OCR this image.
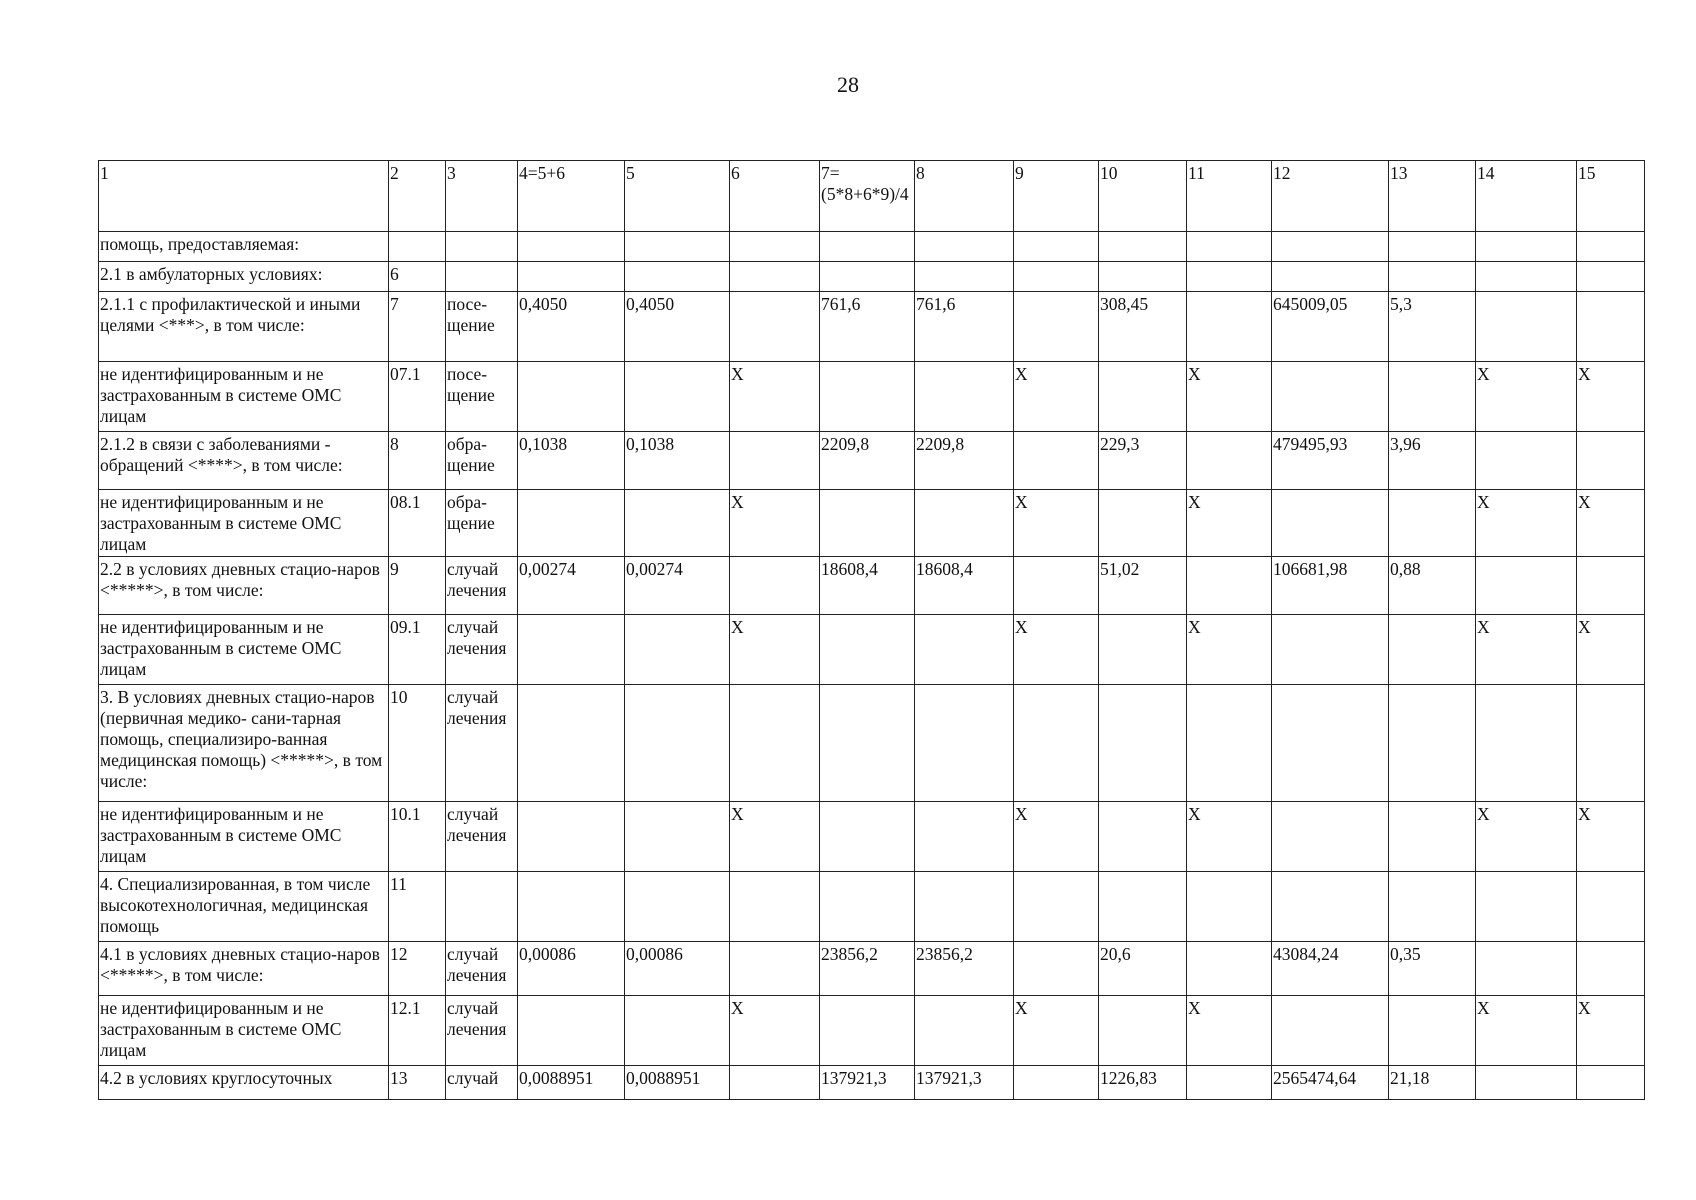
28
1	2	3	4=5+6	5	6	7=(5*8+6*9)/4	8	9	10	11	12	13	14	15
помощь, предоставляемая:														
2.1 в амбулаторных условиях:	6													
2.1.1 с профилактической и иными целями <***>, в том числе:	7	посе-щение	0,4050	0,4050		761,6	761,6		308,45		645009,05	5,3		
не идентифицированным и не застрахованным в системе ОМС лицам	07.1	посе-щение			X			X		X			X	X
2.1.2 в связи с заболеваниями - обращений <****>, в том числе:	8	обра-щение	0,1038	0,1038		2209,8	2209,8		229,3		479495,93	3,96		
не идентифицированным и не застрахованным в системе ОМС лицам	08.1	обра-щение			X			X		X			X	X
2.2 в условиях дневных стацио-наров <*****>, в том числе:	9	случай лечения	0,00274	0,00274		18608,4	18608,4		51,02		106681,98	0,88		
не идентифицированным и не застрахованным в системе ОМС лицам	09.1	случай лечения			X			X		X			X	X
3. В условиях дневных стацио-наров (первичная медико- сани-тарная помощь, специализиро-ванная медицинская помощь) <*****>, в том числе:	10	случай лечения												
не идентифицированным и не застрахованным в системе ОМС лицам	10.1	случай лечения			X			X		X			X	X
4. Специализированная, в том числе высокотехнологичная, медицинская помощь	11													
4.1 в условиях дневных стацио-наров <*****>, в том числе:	12	случай лечения	0,00086	0,00086		23856,2	23856,2		20,6		43084,24	0,35		
не идентифицированным и не застрахованным в системе ОМС лицам	12.1	случай лечения			X			X		X			X	X
4.2 в условиях круглосуточных	13	случай	0,0088951	0,0088951		137921,3	137921,3		1226,83		2565474,64	21,18		
